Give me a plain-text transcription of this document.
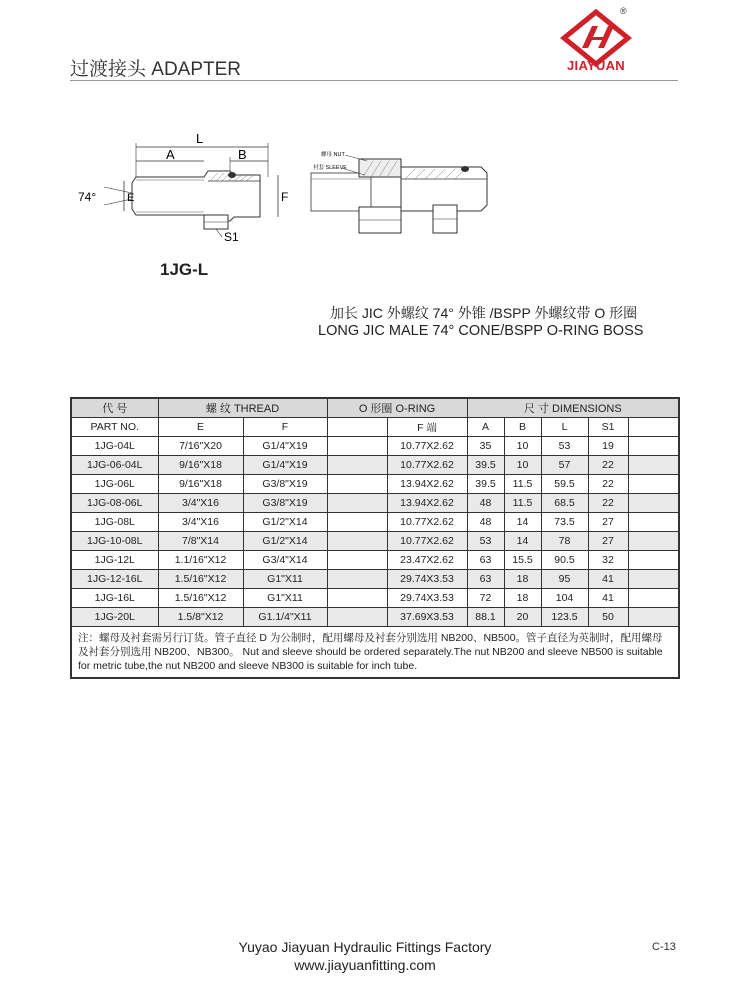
过渡接头 ADAPTER
®
JIAYUAN
L
A	B
74°	E	F
S1
螺母 NUT
衬套 SLEEVE
1JG-L
加长 JIC 外螺纹 74° 外锥 /BSPP 外螺纹带 O 形圈
LONG JIC MALE 74° CONE/BSPP O-RING BOSS
代 号	螺 纹 THREAD		O 形圈 O-RING		尺 寸 DIMENSIONS				
PART NO.	E	F		F 端	A	B	L	S1	
1JG-04L	7/16"X20	G1/4"X19		10.77X2.62	35	10	53	19	
1JG-06-04L	9/16"X18	G1/4"X19		10.77X2.62	39.5	10	57	22	
1JG-06L	9/16"X18	G3/8"X19		13.94X2.62	39.5	11.5	59.5	22	
1JG-08-06L	3/4"X16	G3/8"X19		13.94X2.62	48	11.5	68.5	22	
1JG-08L	3/4"X16	G1/2"X14		10.77X2.62	48	14	73.5	27	
1JG-10-08L	7/8"X14	G1/2"X14		10.77X2.62	53	14	78	27	
1JG-12L	1.1/16"X12	G3/4"X14		23.47X2.62	63	15.5	90.5	32	
1JG-12-16L	1.5/16"X12	G1"X11		29.74X3.53	63	18	95	41	
1JG-16L	1.5/16"X12	G1"X11		29.74X3.53	72	18	104	41	
1JG-20L	1.5/8"X12	G1.1/4"X11		37.69X3.53	88.1	20	123.5	50	
注：螺母及衬套需另行订货。管子直径 D 为公制时，配用螺母及衬套分别选用 NB200、NB500。管子直径为英制时，配用螺母及衬套分别选用 NB200、NB300。 Nut and sleeve should be ordered separately.The nut NB200 and sleeve NB500 is suitable for metric tube,the nut NB200 and sleeve NB300 is suitable for inch tube.									
Yuyao Jiayuan Hydraulic Fittings Factory
www.jiayuanfitting.com
C-13
